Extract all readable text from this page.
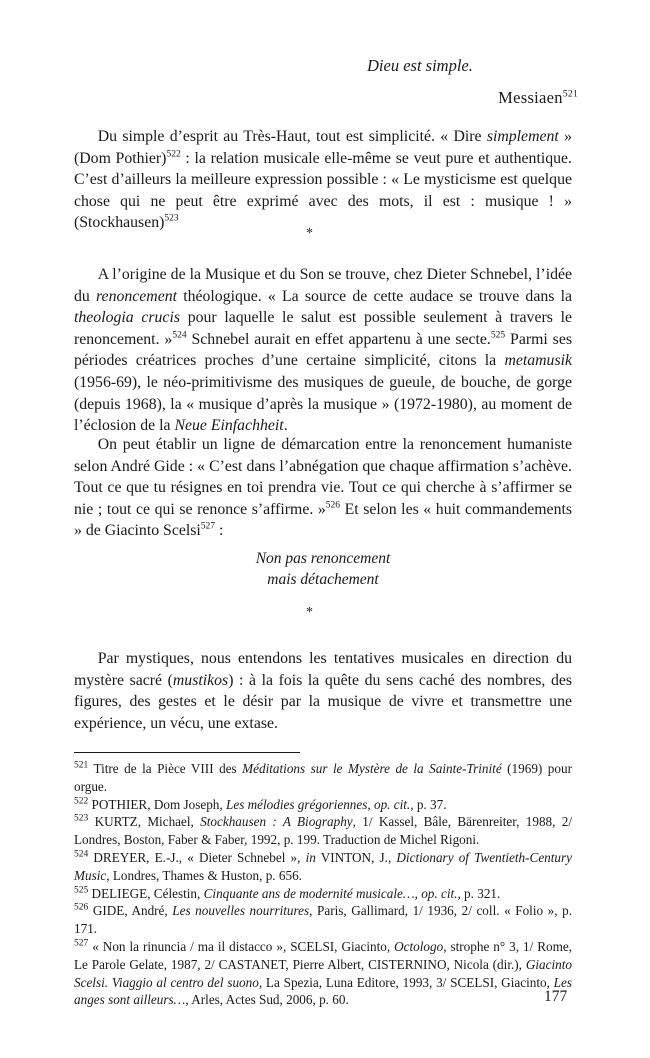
Dieu est simple.
Messiaen$^{521}$

  Du simple d’esprit au Très-Haut, tout est simplicité. « Dire simplement » (Dom Pothier)$^{522}$ : la relation musicale elle-même se veut pure et authentique. C’est d’ailleurs la meilleure expression possible : « Le mysticisme est quelque chose qui ne peut être exprimé avec des mots, il est : musique ! » (Stockhausen)$^{523}$

*

  A l’origine de la Musique et du Son se trouve, chez Dieter Schnebel, l’idée du renoncement théologique. « La source de cette audace se trouve dans la theologia crucis pour laquelle le salut est possible seulement à travers le renoncement. »$^{524}$ Schnebel aurait en effet appartenu à une secte.$^{525}$ Parmi ses périodes créatrices proches d’une certaine simplicité, citons la metamusik (1956-69), le néo-primitivisme des musiques de gueule, de bouche, de gorge (depuis 1968), la « musique d’après la musique » (1972-1980), au moment de l’éclosion de la Neue Einfachheit.

  On peut établir un ligne de démarcation entre la renoncement humaniste selon André Gide : « C’est dans l’abnégation que chaque affirmation s’achève. Tout ce que tu résignes en toi prendra vie. Tout ce qui cherche à s’affirmer se nie ; tout ce qui se renonce s’affirme. »$^{526}$ Et selon les « huit commandements » de Giacinto Scelsi$^{527}$ :

Non pas renoncement
mais détachement
*

  Par mystiques, nous entendons les tentatives musicales en direction du mystère sacré (mustikos) : à la fois la quête du sens caché des nombres, des figures, des gestes et le désir par la musique de vivre et transmettre une expérience, un vécu, une extase.

$^{521}$ Titre de la Pièce VIII des Méditations sur le Mystère de la Sainte-Trinité (1969) pour orgue.

$^{522}$ POTHIER, Dom Joseph, Les mélodies grégoriennes, op. cit., p. 37.

$^{523}$ KURTZ, Michael, Stockhausen : A Biography, 1/ Kassel, Bâle, Bärenreiter, 1988, 2/ Londres, Boston, Faber & Faber, 1992, p. 199. Traduction de Michel Rigoni.

$^{524}$ DREYER, E.-J., « Dieter Schnebel », in VINTON, J., Dictionary of Twentieth-Century Music, Londres, Thames & Huston, p. 656.

$^{525}$ DELIEGE, Célestin, Cinquante ans de modernité musicale…, op. cit., p. 321.

$^{526}$ GIDE, André, Les nouvelles nourritures, Paris, Gallimard, 1/ 1936, 2/ coll. « Folio », p. 171.

$^{527}$ « Non la rinuncia / ma il distacco », SCELSI, Giacinto, Octologo, strophe n° 3, 1/ Rome, Le Parole Gelate, 1987, 2/ CASTANET, Pierre Albert, CISTERNINO, Nicola (dir.), Giacinto Scelsi. Viaggio al centro del suono, La Spezia, Luna Editore, 1993, 3/ SCELSI, Giacinto, Les anges sont ailleurs…, Arles, Actes Sud, 2006, p. 60.	177
